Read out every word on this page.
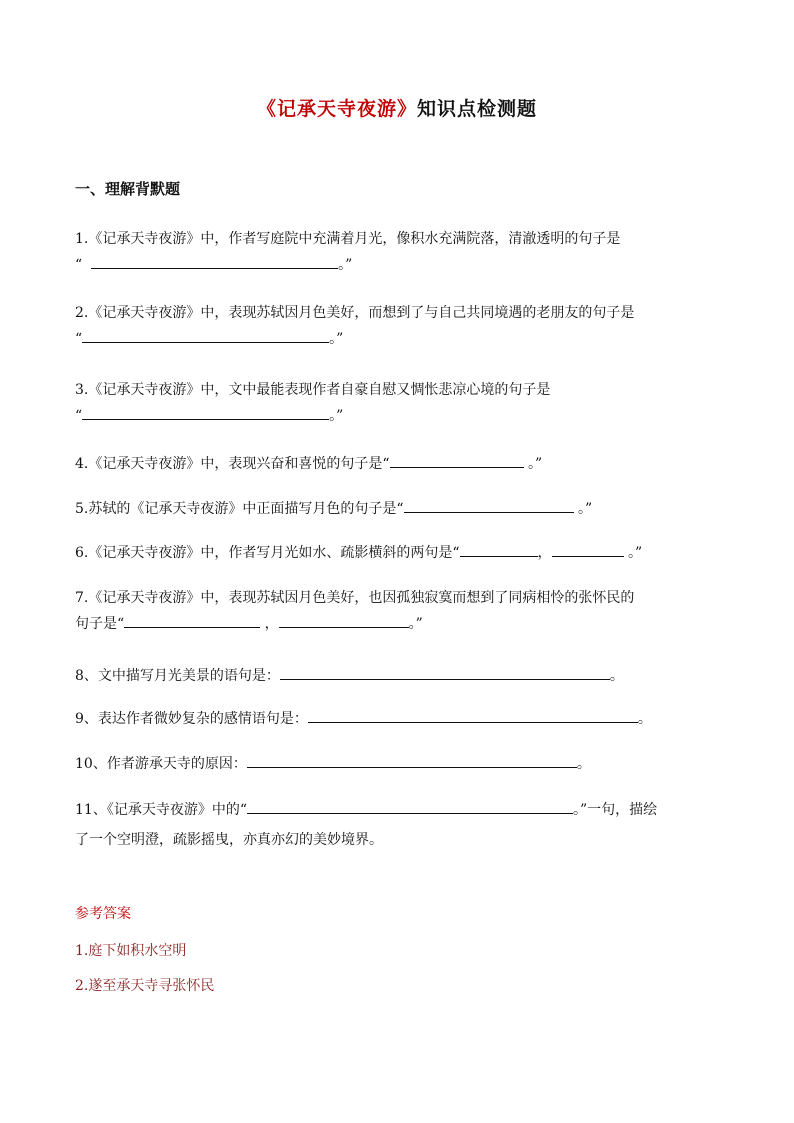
《记承天寺夜游》知识点检测题
一、理解背默题
1.《记承天寺夜游》中，作者写庭院中充满着月光，像积水充满院落，清澈透明的句子是
“	。”
2.《记承天寺夜游》中，表现苏轼因月色美好，而想到了与自己共同境遇的老朋友的句子是
“	。”
3.《记承天寺夜游》中，文中最能表现作者自豪自慰又惆怅悲凉心境的句子是
“	。”
4.《记承天寺夜游》中，表现兴奋和喜悦的句子是“	。”
5.苏轼的《记承天寺夜游》中正面描写月色的句子是“	。”
6.《记承天寺夜游》中，作者写月光如水、疏影横斜的两句是“	，	。”
7.《记承天寺夜游》中，表现苏轼因月色美好，也因孤独寂寞而想到了同病相怜的张怀民的
句子是“	，	。”
8、文中描写月光美景的语句是：	。
9、表达作者微妙复杂的感情语句是：	。
10、作者游承天寺的原因：	。
11、《记承天寺夜游》中的“	。”一句，描绘
了一个空明澄，疏影摇曳，亦真亦幻的美妙境界。
参考答案
1.庭下如积水空明
2.遂至承天寺寻张怀民
